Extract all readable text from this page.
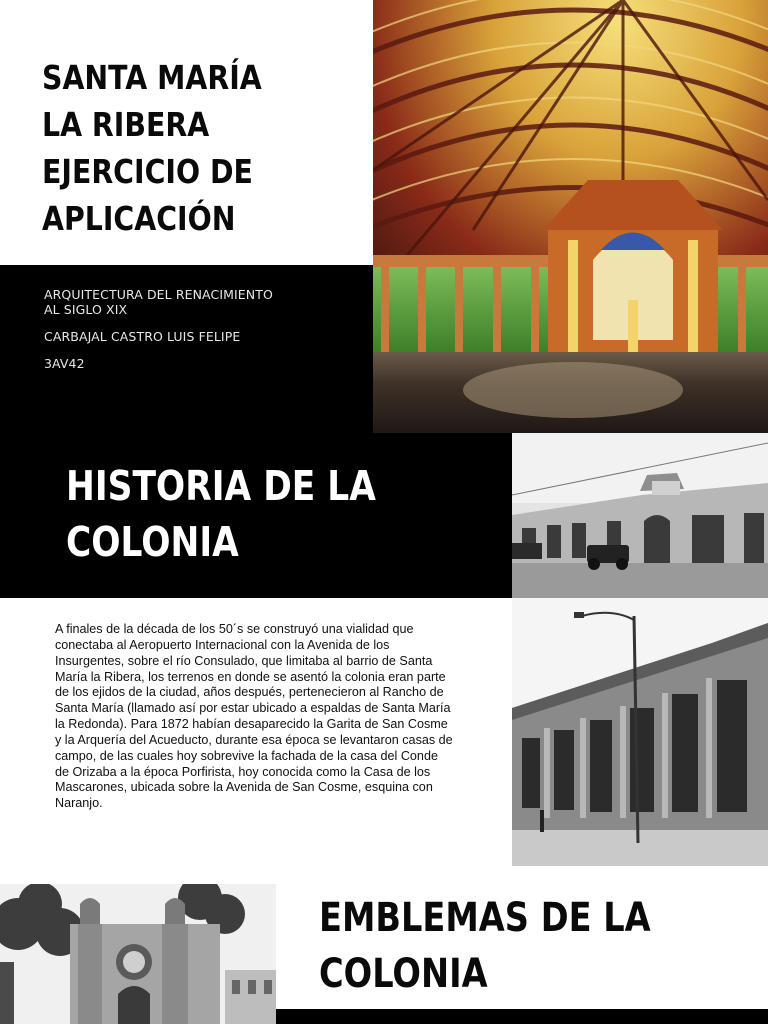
SANTA MARÍA
LA RIBERA
EJERCICIO DE
APLICACIÓN
ARQUITECTURA DEL RENACIMIENTO
AL SIGLO XIX
CARBAJAL CASTRO LUIS FELIPE
3AV42
HISTORIA DE LA
COLONIA

A finales de la década de los 50´s se construyó una vialidad que conectaba al Aeropuerto Internacional con la Avenida de los Insurgentes, sobre el río Consulado, que limitaba al barrio de Santa María la Ribera, los terrenos en donde se asentó la colonia eran parte de los ejidos de la ciudad, años después, pertenecieron al Rancho de Santa María (llamado así por estar ubicado a espaldas de Santa María la Redonda). Para 1872 habían desaparecido la Garita de San Cosme y la Arquería del Acueducto, durante esa época se levantaron casas de campo, de las cuales hoy sobrevive la fachada de la casa del Conde de Orizaba a la época Porfirista, hoy conocida como la Casa de los Mascarones, ubicada sobre la Avenida de San Cosme, esquina con Naranjo.

EMBLEMAS DE LA
COLONIA
